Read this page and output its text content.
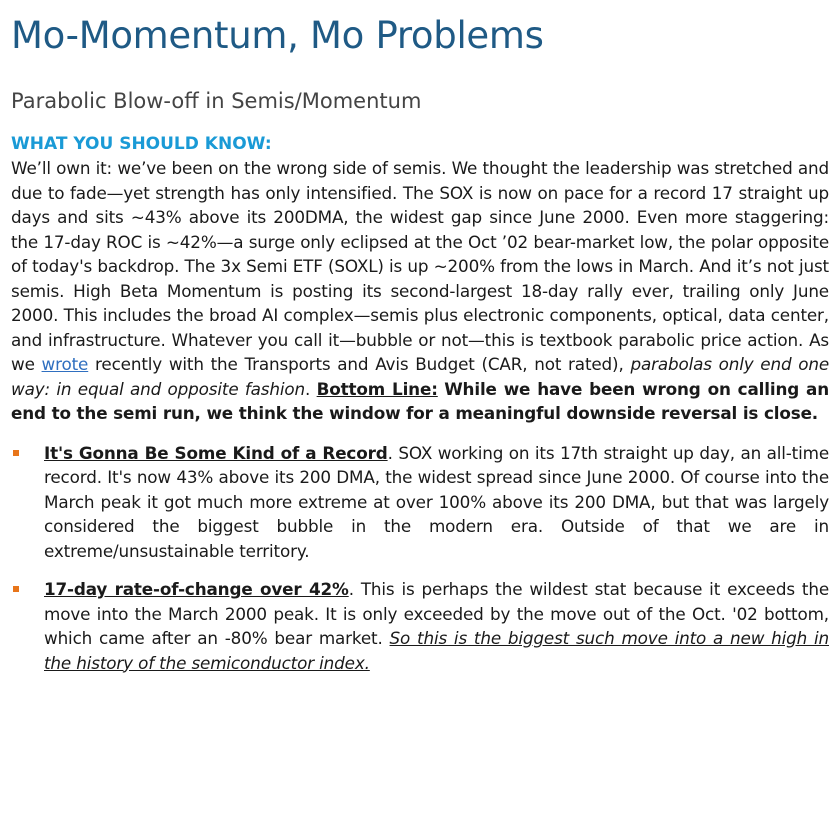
Mo-Momentum, Mo Problems
Parabolic Blow-off in Semis/Momentum
WHAT YOU SHOULD KNOW:
We’ll own it: we’ve been on the wrong side of semis. We thought the leadership was stretched and due to fade—yet strength has only intensified. The SOX is now on pace for a record 17 straight up days and sits ~43% above its 200DMA, the widest gap since June 2000. Even more staggering: the 17-day ROC is ~42%—a surge only eclipsed at the Oct ’02 bear-market low, the polar opposite of today's backdrop. The 3x Semi ETF (SOXL) is up ~200% from the lows in March. And it’s not just semis. High Beta Momentum is posting its second-largest 18-day rally ever, trailing only June 2000. This includes the broad AI complex—semis plus electronic components, optical, data center, and infrastructure. Whatever you call it—bubble or not—this is textbook parabolic price action. As we wrote recently with the Transports and Avis Budget (CAR, not rated), parabolas only end one way: in equal and opposite fashion. Bottom Line: While we have been wrong on calling an end to the semi run, we think the window for a meaningful downside reversal is close.
It's Gonna Be Some Kind of a Record. SOX working on its 17th straight up day, an all-time record. It's now 43% above its 200 DMA, the widest spread since June 2000. Of course into the March peak it got much more extreme at over 100% above its 200 DMA, but that was largely considered the biggest bubble in the modern era. Outside of that we are in extreme/unsustainable territory.
17-day rate-of-change over 42%. This is perhaps the wildest stat because it exceeds the move into the March 2000 peak. It is only exceeded by the move out of the Oct. '02 bottom, which came after an -80% bear market. So this is the biggest such move into a new high in the history of the semiconductor index.
